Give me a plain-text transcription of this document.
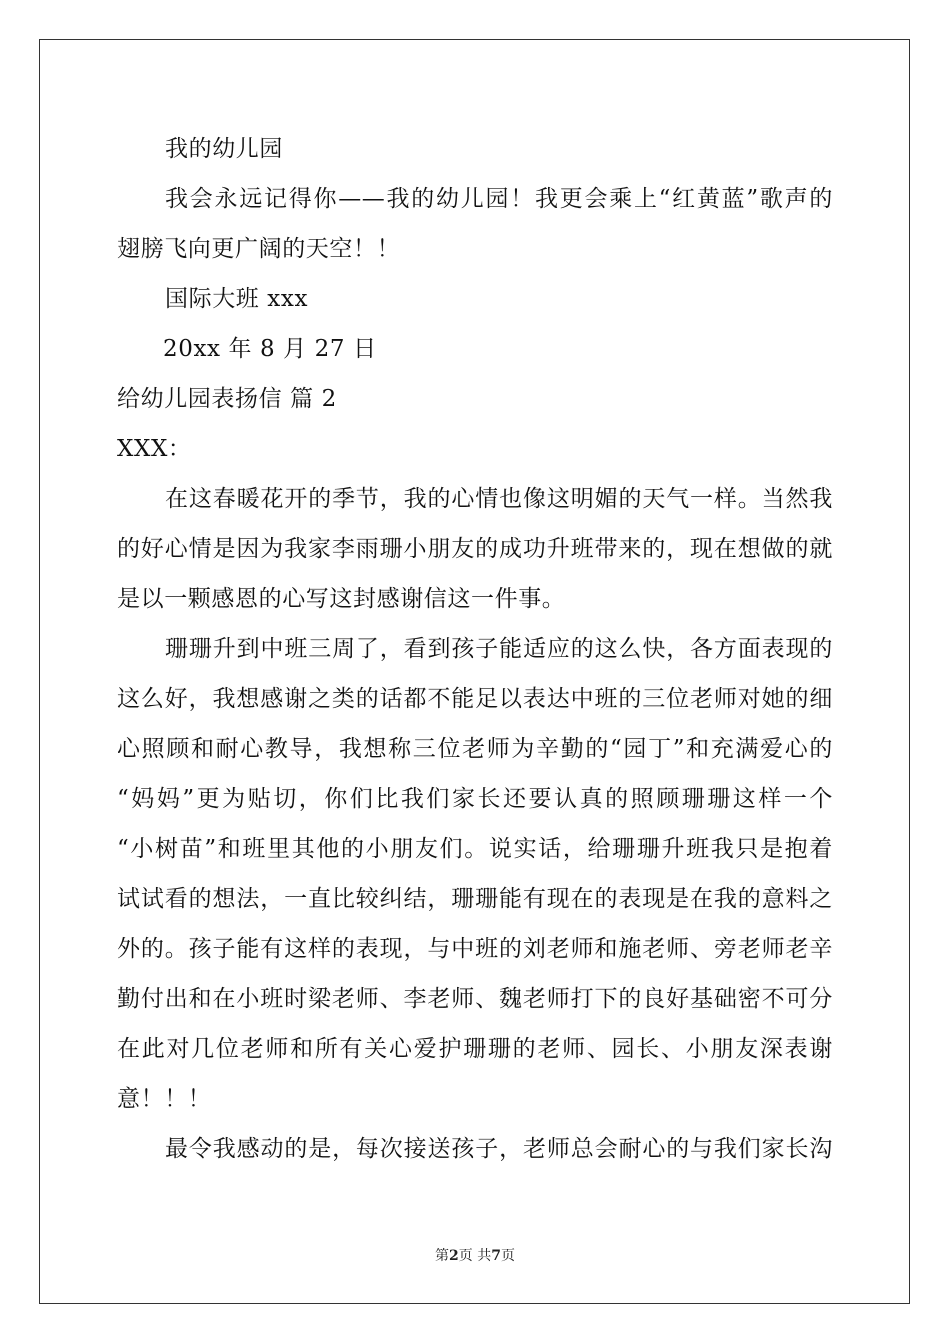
我的幼儿园
我会永远记得你——我的幼儿园！我更会乘上“红黄蓝”歌声的
翅膀飞向更广阔的天空！！
国际大班 xxx
20xx 年 8 月 27 日
给幼儿园表扬信 篇 2
XXX：
在这春暖花开的季节，我的心情也像这明媚的天气一样。当然我
的好心情是因为我家李雨珊小朋友的成功升班带来的，现在想做的就
是以一颗感恩的心写这封感谢信这一件事。
珊珊升到中班三周了，看到孩子能适应的这么快，各方面表现的
这么好，我想感谢之类的话都不能足以表达中班的三位老师对她的细
心照顾和耐心教导，我想称三位老师为辛勤的“园丁”和充满爱心的
“妈妈”更为贴切，你们比我们家长还要认真的照顾珊珊这样一个
“小树苗”和班里其他的小朋友们。说实话，给珊珊升班我只是抱着
试试看的想法，一直比较纠结，珊珊能有现在的表现是在我的意料之
外的。孩子能有这样的表现，与中班的刘老师和施老师、旁老师老辛
勤付出和在小班时梁老师、李老师、魏老师打下的良好基础密不可分
在此对几位老师和所有关心爱护珊珊的老师、园长、小朋友深表谢
意！！！
最令我感动的是，每次接送孩子，老师总会耐心的与我们家长沟
第2页 共7页
